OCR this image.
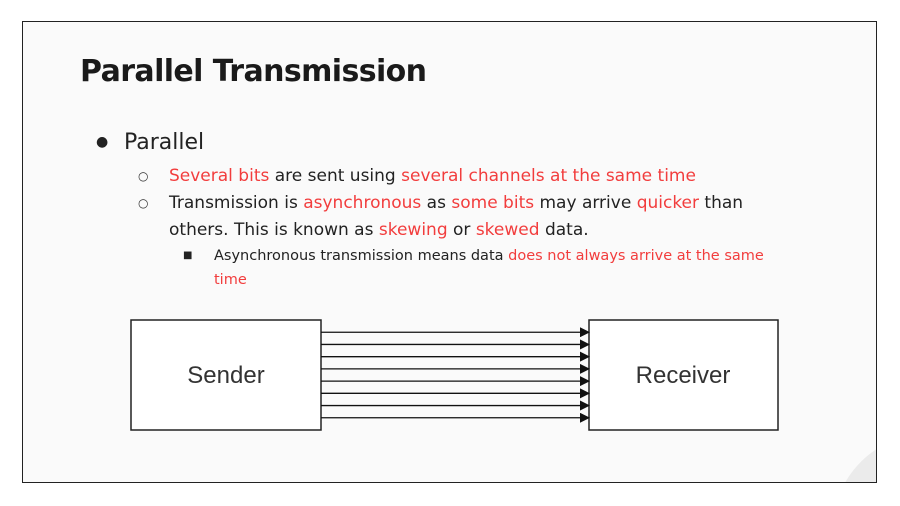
Parallel Transmission
● Parallel
○ Several bits are sent using several channels at the same time
○ Transmission is asynchronous as some bits may arrive quicker than
others. This is known as skewing or skewed data.
■ Asynchronous transmission means data does not always arrive at the same
time
Sender	Receiver
